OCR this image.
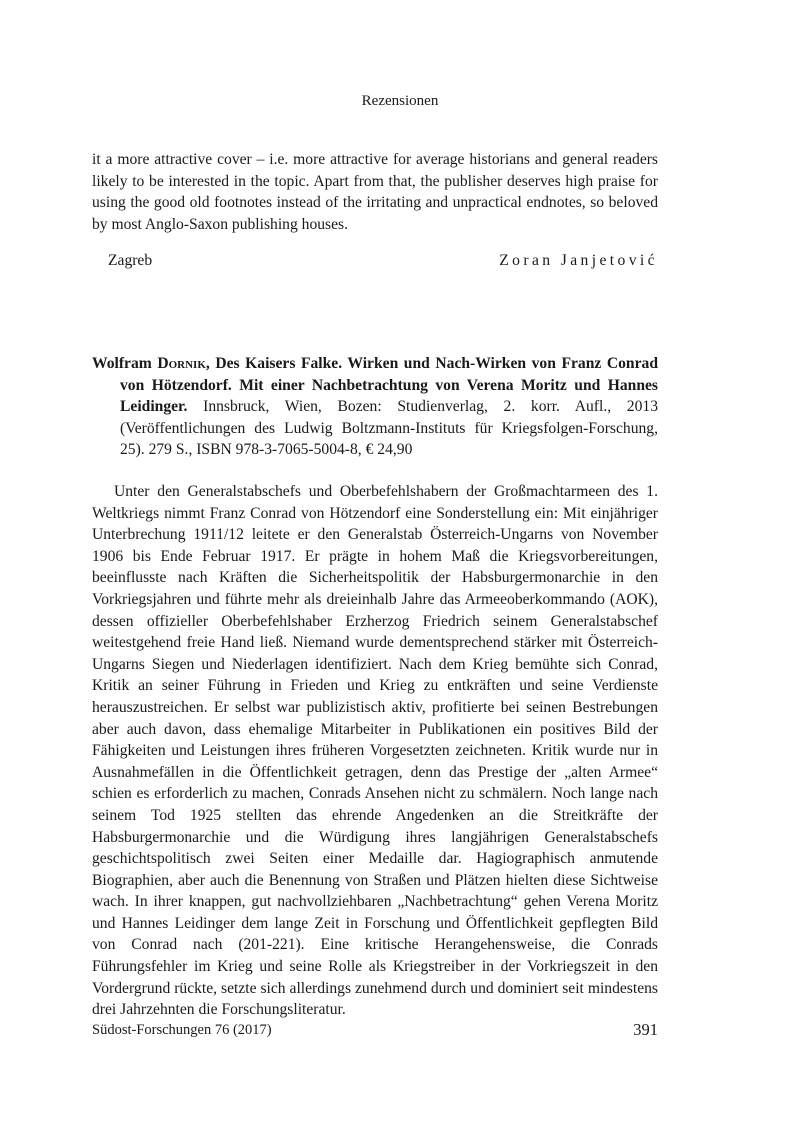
Rezensionen

it a more attractive cover – i.e. more attractive for average historians and general readers likely to be interested in the topic. Apart from that, the publisher deserves high praise for using the good old footnotes instead of the irritating and unpractical endnotes, so beloved by most Anglo-Saxon publishing houses.

Zagreb	Zoran Janjetović

Wolfram Dornik, Des Kaisers Falke. Wirken und Nach-Wirken von Franz Conrad von Hötzendorf. Mit einer Nachbetrachtung von Verena Moritz und Hannes Leidinger. Innsbruck, Wien, Bozen: Studienverlag, 2. korr. Aufl., 2013 (Veröffentlichungen des Ludwig Boltzmann-Instituts für Kriegsfolgen-Forschung, 25). 279 S., ISBN 978-3-7065-5004-8, € 24,90

Unter den Generalstabschefs und Oberbefehlshabern der Großmachtarmeen des 1. Weltkriegs nimmt Franz Conrad von Hötzendorf eine Sonderstellung ein: Mit einjähriger Unterbrechung 1911/12 leitete er den Generalstab Österreich-Ungarns von November 1906 bis Ende Februar 1917. Er prägte in hohem Maß die Kriegsvorbereitungen, beeinflusste nach Kräften die Sicherheitspolitik der Habsburgermonarchie in den Vorkriegsjahren und führte mehr als dreieinhalb Jahre das Armeeoberkommando (AOK), dessen offizieller Oberbefehlshaber Erzherzog Friedrich seinem Generalstabschef weitestgehend freie Hand ließ. Niemand wurde dementsprechend stärker mit Österreich-Ungarns Siegen und Niederlagen identifiziert. Nach dem Krieg bemühte sich Conrad, Kritik an seiner Führung in Frieden und Krieg zu entkräften und seine Verdienste herauszustreichen. Er selbst war publizistisch aktiv, profitierte bei seinen Bestrebungen aber auch davon, dass ehemalige Mitarbeiter in Publikationen ein positives Bild der Fähigkeiten und Leistungen ihres früheren Vorgesetzten zeichneten. Kritik wurde nur in Ausnahmefällen in die Öffentlichkeit getragen, denn das Prestige der „alten Armee“ schien es erforderlich zu machen, Conrads Ansehen nicht zu schmälern. Noch lange nach seinem Tod 1925 stellten das ehrende Angedenken an die Streitkräfte der Habsburgermonarchie und die Würdigung ihres langjährigen Generalstabschefs geschichtspolitisch zwei Seiten einer Medaille dar. Hagiographisch anmutende Biographien, aber auch die Benennung von Straßen und Plätzen hielten diese Sichtweise wach. In ihrer knappen, gut nachvollziehbaren „Nachbetrachtung“ gehen Verena Moritz und Hannes Leidinger dem lange Zeit in Forschung und Öffentlichkeit gepflegten Bild von Conrad nach (201-221). Eine kritische Herangehensweise, die Conrads Führungsfehler im Krieg und seine Rolle als Kriegstreiber in der Vorkriegszeit in den Vordergrund rückte, setzte sich allerdings zunehmend durch und dominiert seit mindestens drei Jahrzehnten die Forschungsliteratur.

Südost-Forschungen 76 (2017)	391
